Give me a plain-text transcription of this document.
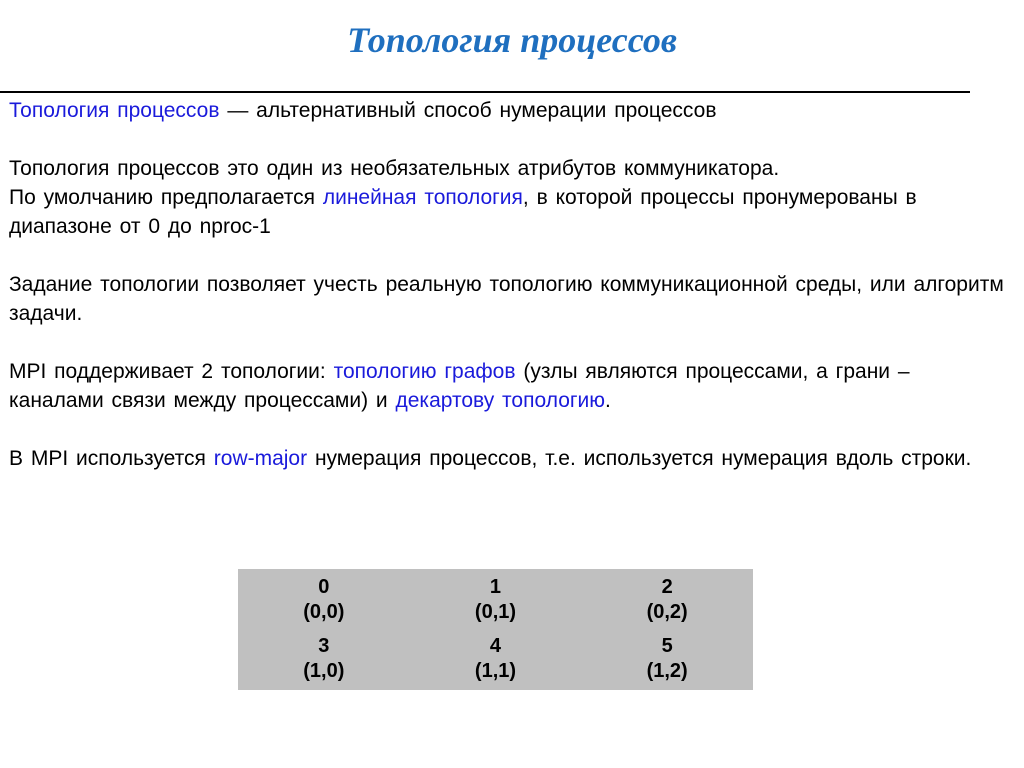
Топология процессов

Топология процессов — альтернативный способ нумерации процессов

Топология процессов это один из необязательных атрибутов коммуникатора.
По умолчанию предполагается линейная топология, в которой процессы пронумерованы в диапазоне от 0 до nproc-1

Задание топологии позволяет учесть реальную топологию коммуникационной среды, или алгоритм задачи.

MPI поддерживает 2 топологии: топологию графов (узлы являются процессами, а грани – каналами связи между процессами) и декартову топологию.

В MPI используется row-major нумерация процессов, т.е. используется нумерация вдоль строки.

0
(0,0)
1
(0,1)
2
(0,2)
3
(1,0)
4
(1,1)
5
(1,2)
